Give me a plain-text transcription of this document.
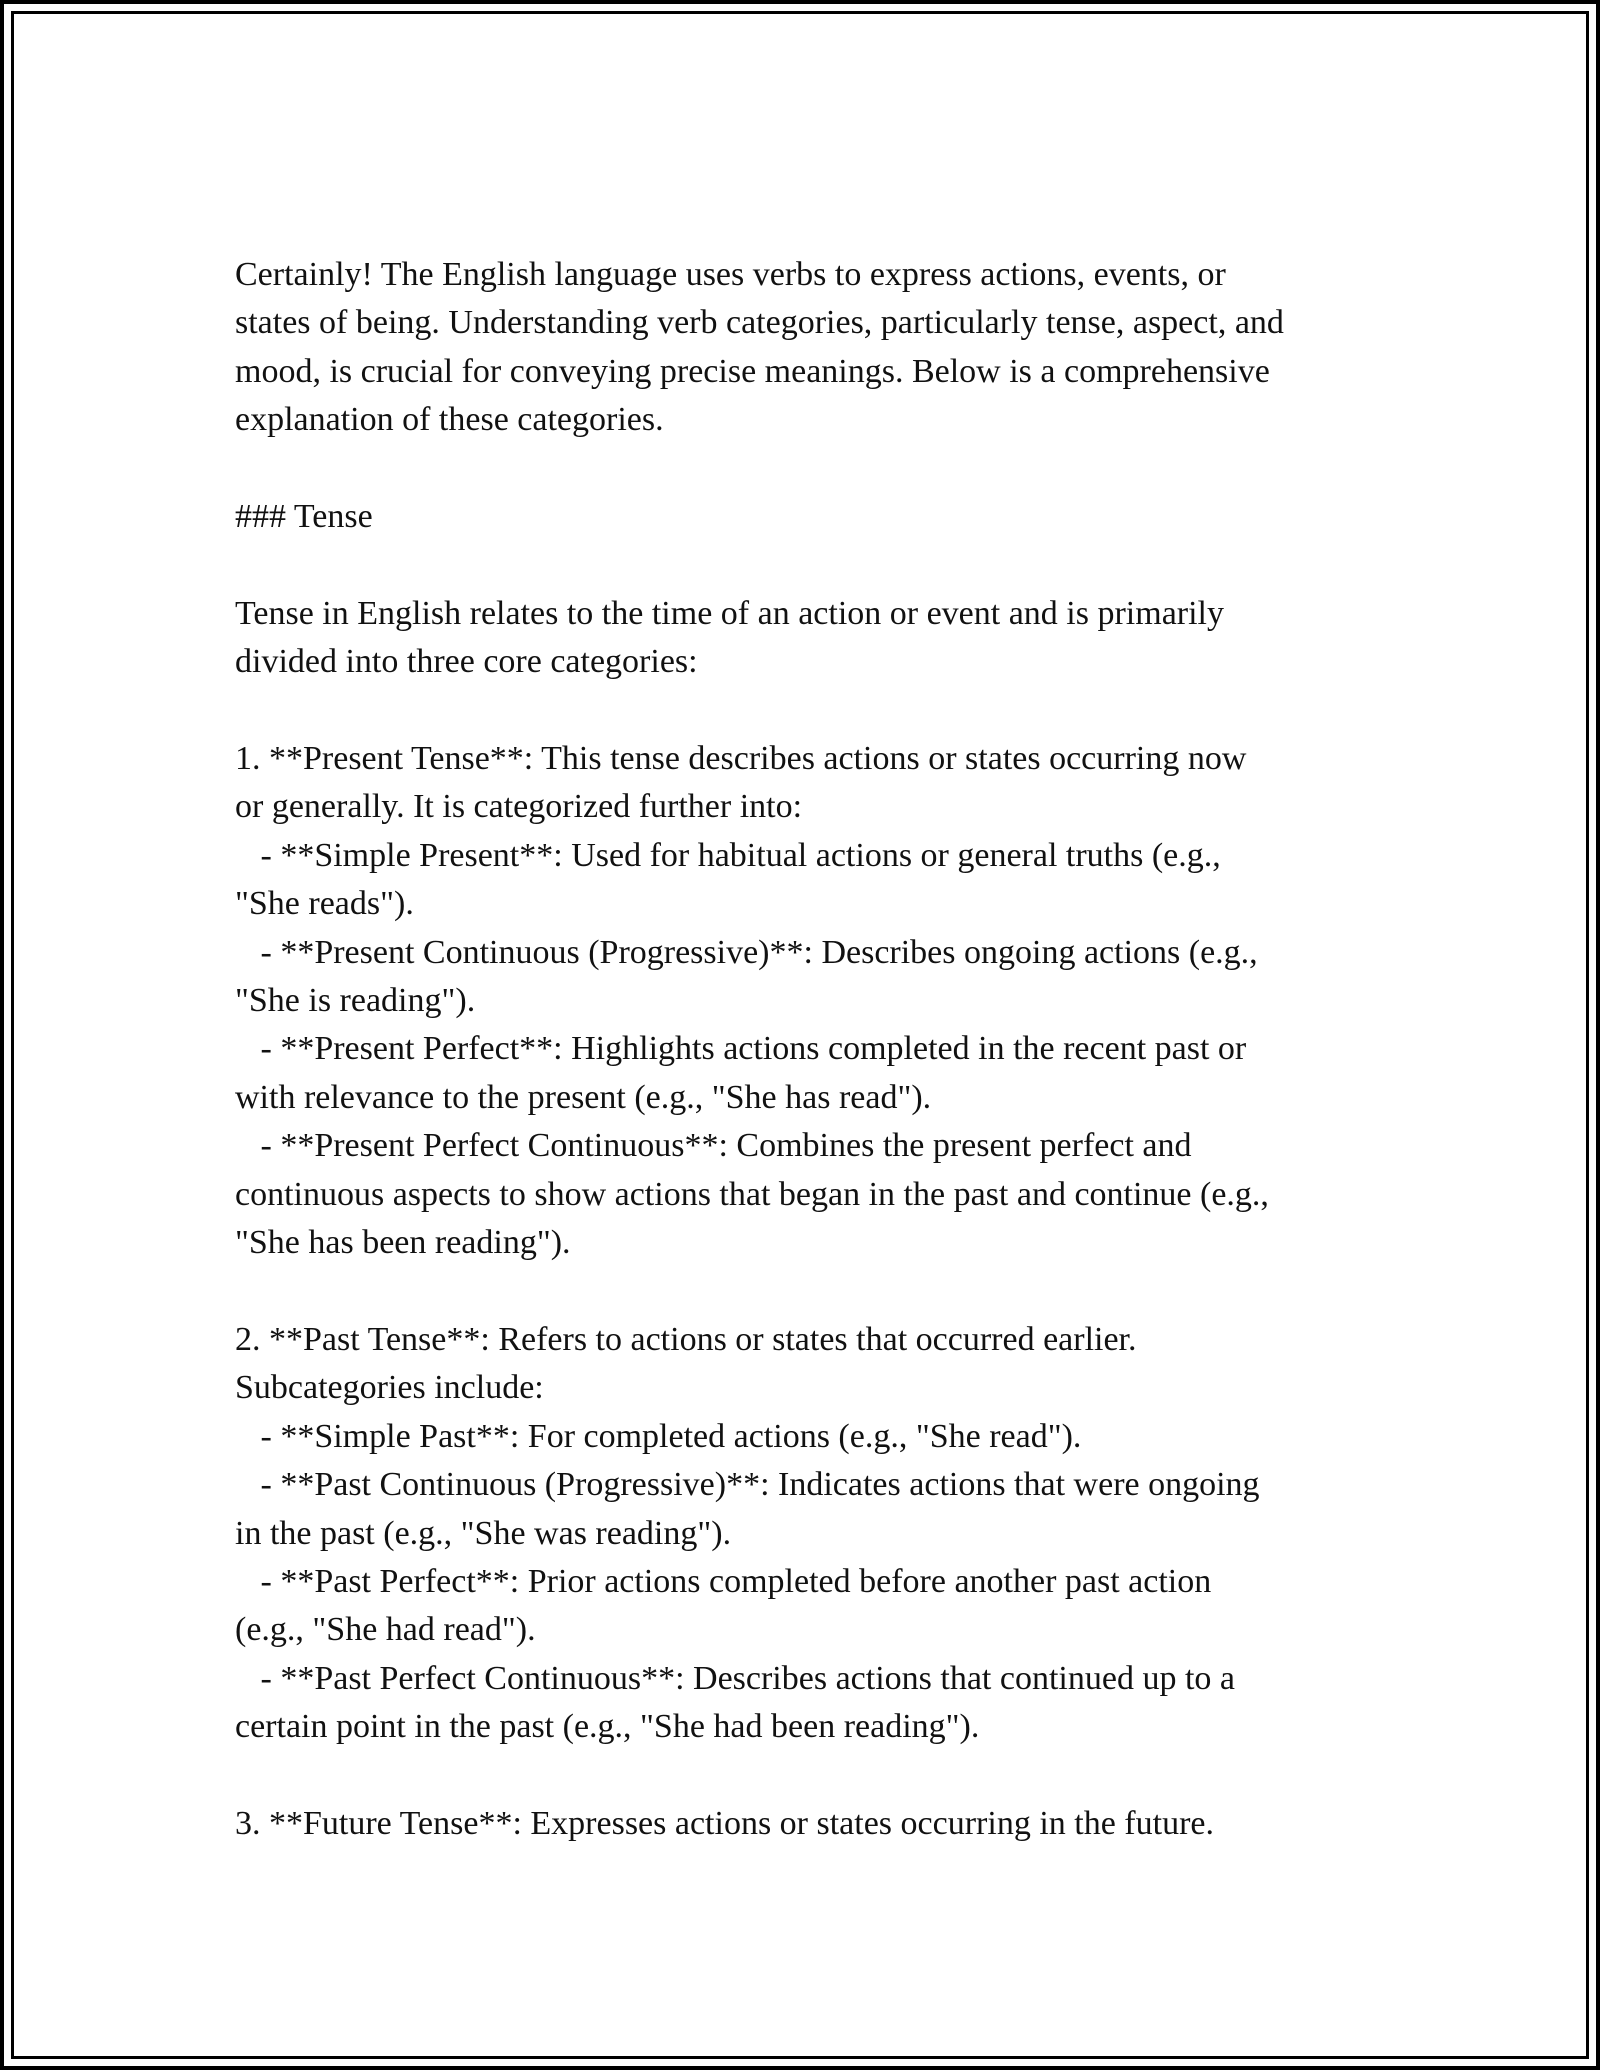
Certainly! The English language uses verbs to express actions, events, or

states of being. Understanding verb categories, particularly tense, aspect, and

mood, is crucial for conveying precise meanings. Below is a comprehensive

explanation of these categories.

### Tense

Tense in English relates to the time of an action or event and is primarily

divided into three core categories:

1. **Present Tense**: This tense describes actions or states occurring now

or generally. It is categorized further into:

- **Simple Present**: Used for habitual actions or general truths (e.g.,

"She reads").

- **Present Continuous (Progressive)**: Describes ongoing actions (e.g.,

"She is reading").

- **Present Perfect**: Highlights actions completed in the recent past or

with relevance to the present (e.g., "She has read").

- **Present Perfect Continuous**: Combines the present perfect and

continuous aspects to show actions that began in the past and continue (e.g.,

"She has been reading").

2. **Past Tense**: Refers to actions or states that occurred earlier.

Subcategories include:

- **Simple Past**: For completed actions (e.g., "She read").

- **Past Continuous (Progressive)**: Indicates actions that were ongoing

in the past (e.g., "She was reading").

- **Past Perfect**: Prior actions completed before another past action

(e.g., "She had read").

- **Past Perfect Continuous**: Describes actions that continued up to a

certain point in the past (e.g., "She had been reading").

3. **Future Tense**: Expresses actions or states occurring in the future.
